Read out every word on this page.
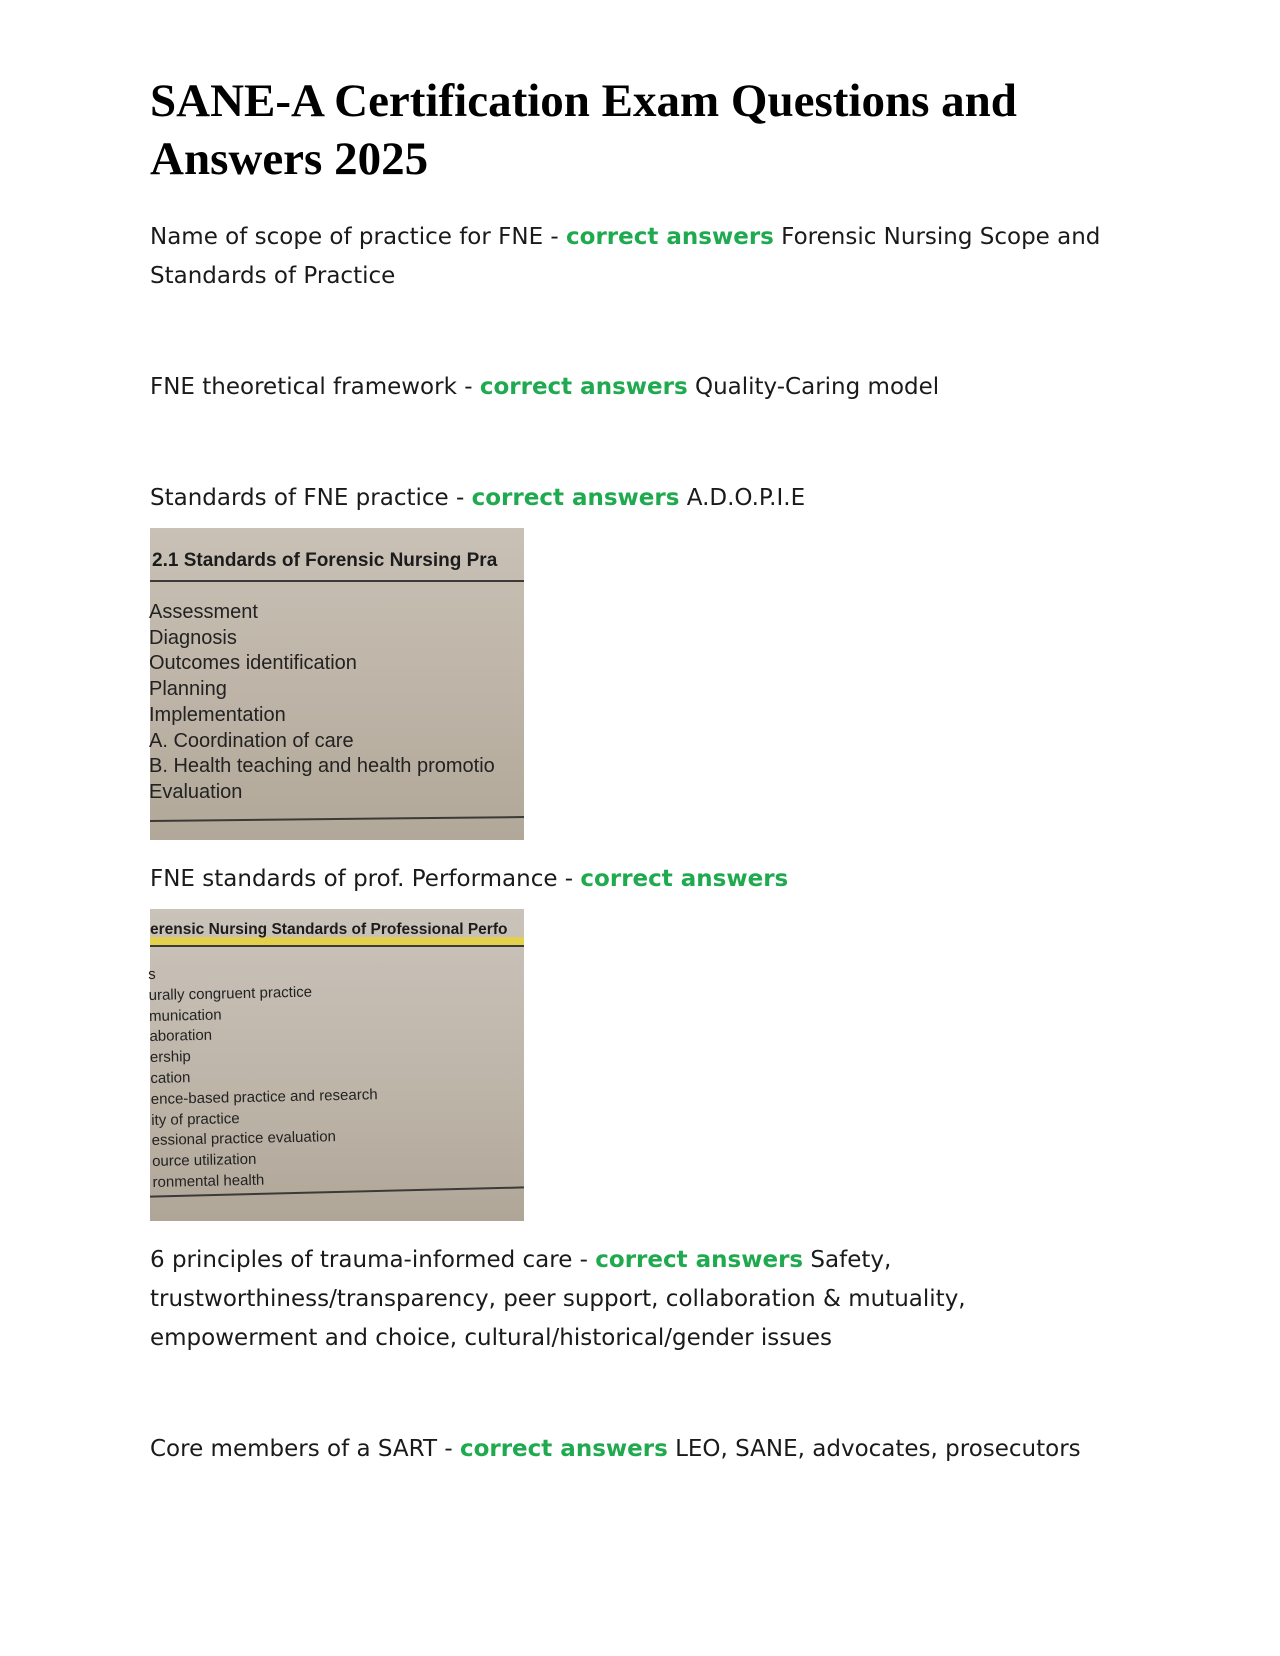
SANE-A Certification Exam Questions and Answers 2025

Name of scope of practice for FNE - correct answers Forensic Nursing Scope and Standards of Practice

FNE theoretical framework - correct answers Quality-Caring model

Standards of FNE practice - correct answers A.D.O.P.I.E

2.1 Standards of Forensic Nursing Pra
Assessment
Diagnosis
Outcomes identification
Planning
Implementation
A. Coordination of care
B. Health teaching and health promotio
Evaluation

FNE standards of prof. Performance - correct answers

erensic Nursing Standards of Professional Perfo
s
urally congruent practice
munication
aboration
ership
cation
ence-based practice and research
ity of practice
essional practice evaluation
ource utilization
ronmental health

6 principles of trauma-informed care - correct answers Safety, trustworthiness/transparency, peer support, collaboration & mutuality, empowerment and choice, cultural/historical/gender issues

Core members of a SART - correct answers LEO, SANE, advocates, prosecutors
